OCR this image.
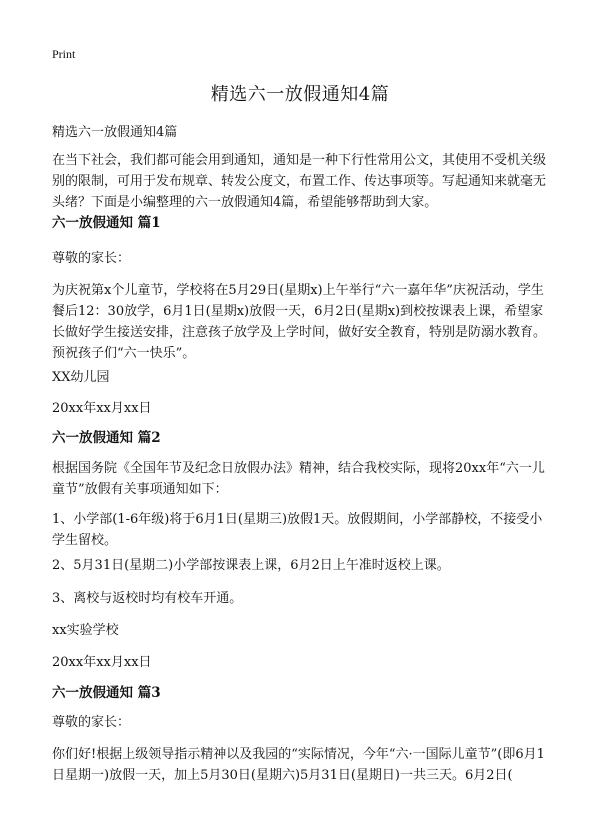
Print
精选六一放假通知4篇

精选六一放假通知4篇

在当下社会，我们都可能会用到通知，通知是一种下行性常用公文，其使用不受机关级别的限制，可用于发布规章、转发公度文，布置工作、传达事项等。写起通知来就毫无头绪？下面是小编整理的六一放假通知4篇，希望能够帮助到大家。

六一放假通知 篇1

尊敬的家长：

为庆祝第x个儿童节，学校将在5月29日(星期x)上午举行“六一嘉年华”庆祝活动，学生餐后12：30放学，6月1日(星期x)放假一天，6月2日(星期x)到校按课表上课，希望家长做好学生接送安排，注意孩子放学及上学时间，做好安全教育，特别是防溺水教育。预祝孩子们“六一快乐”。

XX幼儿园

20xx年xx月xx日

六一放假通知 篇2

根据国务院《全国年节及纪念日放假办法》精神，结合我校实际，现将20xx年“六一儿童节”放假有关事项通知如下：

1、小学部(1-6年级)将于6月1日(星期三)放假1天。放假期间，小学部静校，不接受小学生留校。

2、5月31日(星期二)小学部按课表上课，6月2日上午准时返校上课。

3、离校与返校时均有校车开通。

xx实验学校

20xx年xx月xx日

六一放假通知 篇3

尊敬的家长：

你们好!根据上级领导指示精神以及我园的“实际情况，今年“六·一国际儿童节”(即6月1日星期一)放假一天，加上5月30日(星期六)5月31日(星期日)一共三天。6月2日(
